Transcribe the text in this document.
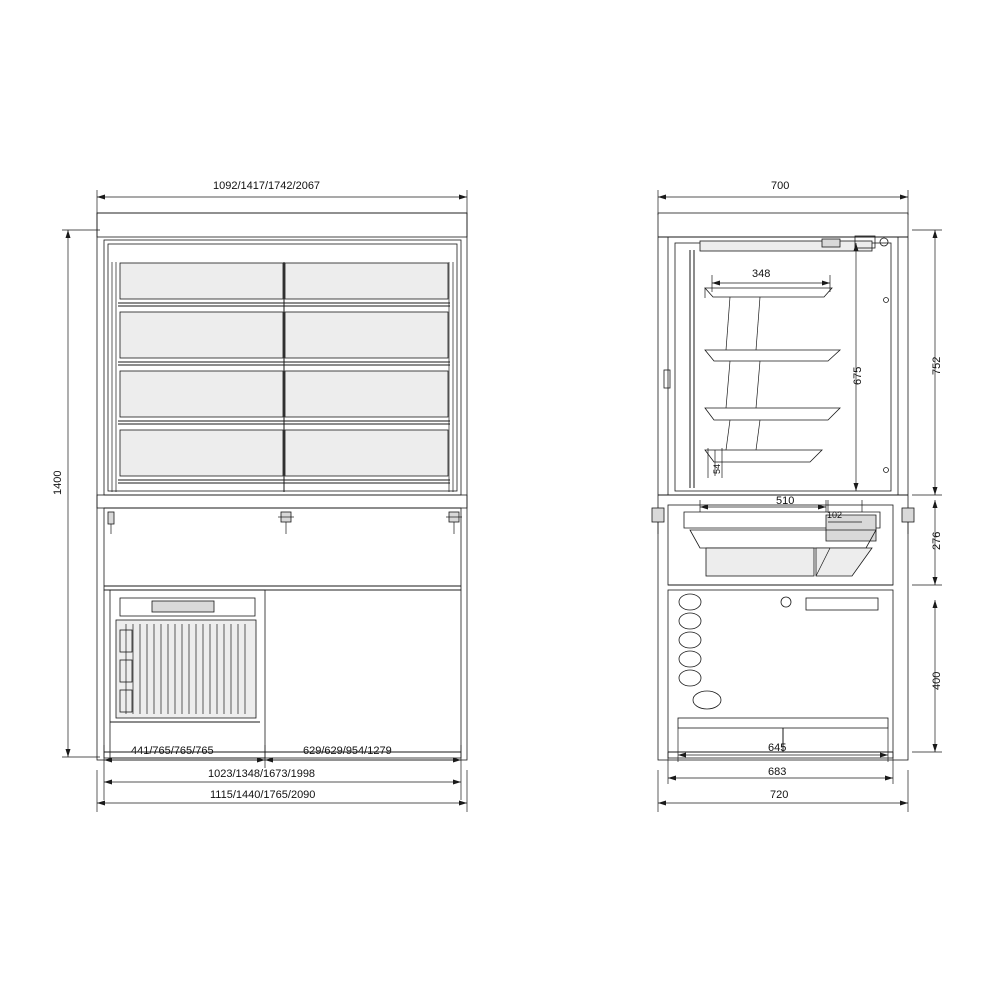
1092/1417/1742/2067
1400
441/765/765/765	629/629/954/1279
1023/1348/1673/1998
1115/1440/1765/2090
700
348
675
752
54
510
102
276
400
645
683
720
